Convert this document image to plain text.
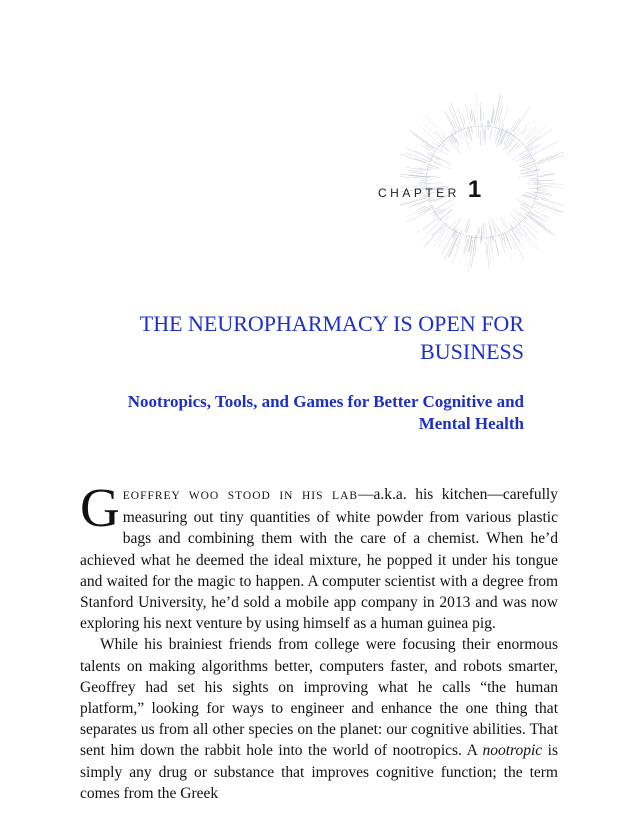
CHAPTER 1
THE NEUROPHARMACY IS OPEN FOR BUSINESS
Nootropics, Tools, and Games for Better Cognitive and Mental Health

GEOFFREY WOO STOOD IN HIS LAB—a.k.a. his kitchen—carefully measuring out tiny quantities of white powder from various plastic bags and combining them with the care of a chemist. When he’d achieved what he deemed the ideal mixture, he popped it under his tongue and waited for the magic to happen. A computer scientist with a degree from Stanford University, he’d sold a mobile app company in 2013 and was now exploring his next venture by using himself as a human guinea pig.

While his brainiest friends from college were focusing their enormous talents on making algorithms better, computers faster, and robots smarter, Geoffrey had set his sights on improving what he calls “the human platform,” looking for ways to engineer and enhance the one thing that separates us from all other species on the planet: our cognitive abilities. That sent him down the rabbit hole into the world of nootropics. A nootropic is simply any drug or substance that improves cognitive function; the term comes from the Greek
